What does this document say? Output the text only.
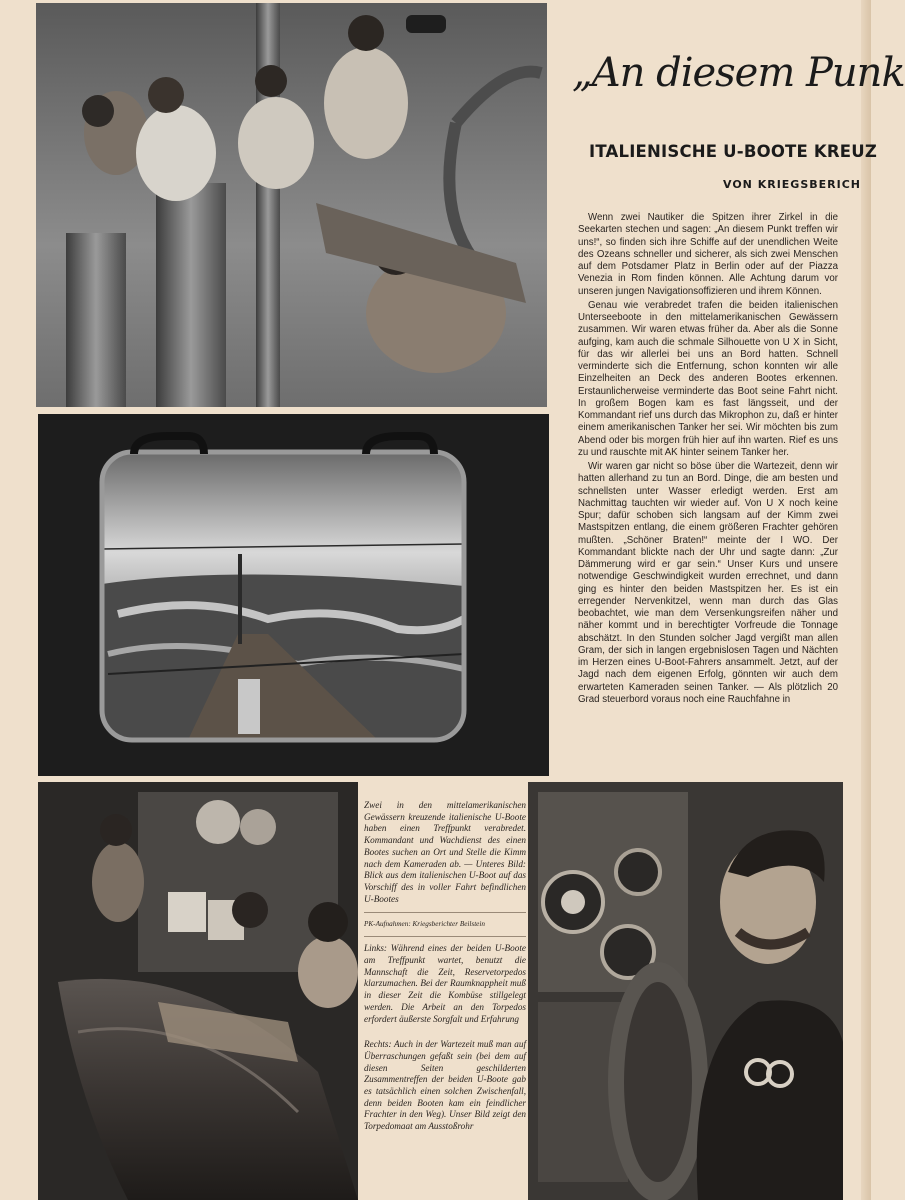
„An diesem Punk
ITALIENISCHE U-BOOTE KREUZ
VON KRIEGSBERICH

Wenn zwei Nautiker die Spitzen ihrer Zirkel in die Seekarten stechen und sagen: „An diesem Punkt treffen wir uns!“, so finden sich ihre Schiffe auf der unendlichen Weite des Ozeans schneller und sicherer, als sich zwei Menschen auf dem Potsdamer Platz in Berlin oder auf der Piazza Venezia in Rom finden können. Alle Achtung darum vor unseren jungen Navigationsoffizieren und ihrem Können.

Genau wie verabredet trafen die beiden italienischen Unterseeboote in den mittelamerikanischen Gewässern zusammen. Wir waren etwas früher da. Aber als die Sonne aufging, kam auch die schmale Silhouette von U X in Sicht, für das wir allerlei bei uns an Bord hatten. Schnell verminderte sich die Entfernung, schon konnten wir alle Einzelheiten an Deck des anderen Bootes erkennen. Erstaunlicherweise verminderte das Boot seine Fahrt nicht. In großem Bogen kam es fast längsseit, und der Kommandant rief uns durch das Mikrophon zu, daß er hinter einem amerikanischen Tanker her sei. Wir möchten bis zum Abend oder bis morgen früh hier auf ihn warten. Rief es uns zu und rauschte mit AK hinter seinem Tanker her.

Wir waren gar nicht so böse über die Wartezeit, denn wir hatten allerhand zu tun an Bord. Dinge, die am besten und schnellsten unter Wasser erledigt werden. Erst am Nachmittag tauchten wir wieder auf. Von U X noch keine Spur; dafür schoben sich langsam auf der Kimm zwei Mastspitzen entlang, die einem größeren Frachter gehören mußten. „Schöner Braten!“ meinte der I WO. Der Kommandant blickte nach der Uhr und sagte dann: „Zur Dämmerung wird er gar sein.“ Unser Kurs und unsere notwendige Geschwindigkeit wurden errechnet, und dann ging es hinter den beiden Mastspitzen her. Es ist ein erregender Nervenkitzel, wenn man durch das Glas beobachtet, wie man dem Versenkungsreifen näher und näher kommt und in berechtigter Vorfreude die Tonnage abschätzt. In den Stunden solcher Jagd vergißt man allen Gram, der sich in langen ergebnislosen Tagen und Nächten im Herzen eines U-Boot-Fahrers ansammelt. Jetzt, auf der Jagd nach dem eigenen Erfolg, gönnten wir auch dem erwarteten Kameraden seinen Tanker. — Als plötzlich 20 Grad steuerbord voraus noch eine Rauchfahne in

Zwei in den mittelamerikanischen Gewässern kreuzende italienische U-Boote haben einen Treffpunkt verabredet. Kommandant und Wachdienst des einen Bootes suchen an Ort und Stelle die Kimm nach dem Kameraden ab. — Unteres Bild: Blick aus dem italienischen U-Boot auf das Vorschiff des in voller Fahrt befindlichen U-Bootes

PK-Aufnahmen: Kriegsberichter Beilstein

Links: Während eines der beiden U-Boote am Treffpunkt wartet, benutzt die Mannschaft die Zeit, Reservetorpedos klarzumachen. Bei der Raumknappheit muß in dieser Zeit die Kombüse stillgelegt werden. Die Arbeit an den Torpedos erfordert äußerste Sorgfalt und Erfahrung

Rechts: Auch in der Wartezeit muß man auf Überraschungen gefaßt sein (bei dem auf diesen Seiten geschilderten Zusammentreffen der beiden U-Boote gab es tatsächlich einen solchen Zwischenfall, denn beiden Booten kam ein feindlicher Frachter in den Weg). Unser Bild zeigt den Torpedomaat am Ausstoßrohr
